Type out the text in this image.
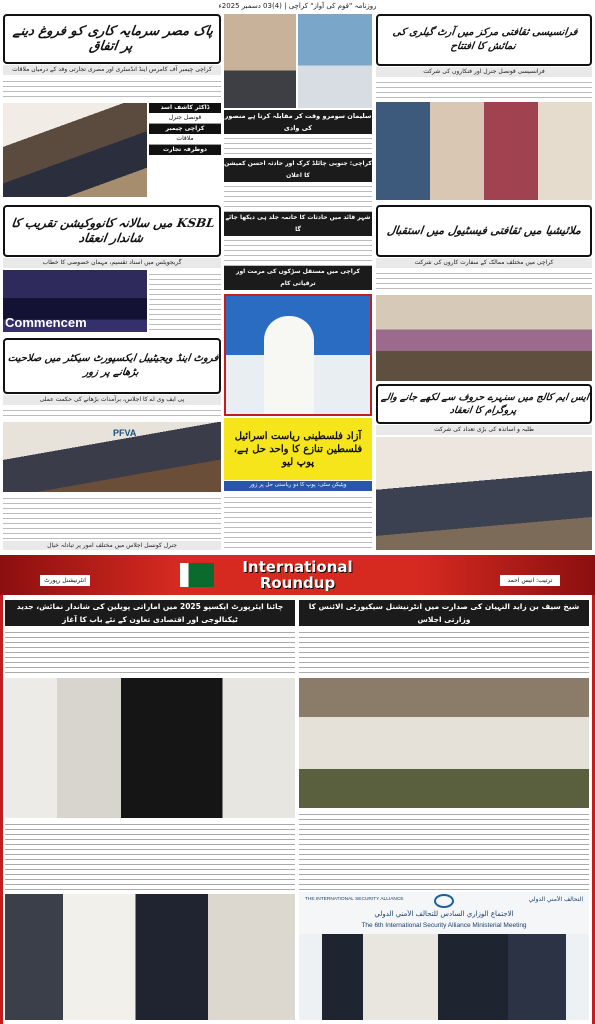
روزنامہ "قوم کی آواز" کراچی | (4)03 دسمبر 2025ء
پاک مصر سرمایہ کاری کو فروغ دینے پر اتفاق
کراچی چیمبر آف کامرس اینڈ انڈسٹری اور مصری تجارتی وفد کے درمیان ملاقات
ڈاکٹر کاشف اسد
قونصل جنرل
کراچی چیمبر
ملاقات
دوطرفہ تجارت
KSBL میں سالانہ کانووکیشن تقریب کا شاندار انعقاد
گریجویٹس میں اسناد تقسیم، مہمان خصوصی کا خطاب
Commencem
فروٹ اینڈ ویجیٹیبل ایکسپورٹ سیکٹر میں صلاحیت بڑھانے پر زور
پی ایف وی اے کا اجلاس، برآمدات بڑھانے کی حکمت عملی
PFVA
جنرل کونسل اجلاس میں مختلف امور پر تبادلہ خیال
سلیمان سومرو وقت کر مقابلہ کرتا ہے منصور کی وادی
کراچی: جنوبی چائلڈ کرک اور حادثہ احسن کمیشن کا اعلان
شہر قائد میں حادثات کا خاتمہ جلد ہی دیکھا جائے گا
کراچی میں مستقل سڑکوں کی مرمت اور ترقیاتی کام
آزاد فلسطینی ریاست اسرائیل فلسطین تنازع کا واحد حل ہے، پوپ لیو
ویٹیکن سٹی: پوپ کا دو ریاستی حل پر زور
فرانسیسی ثقافتی مرکز میں آرٹ گیلری کی نمائش کا افتتاح
فرانسیسی قونصل جنرل اور فنکاروں کی شرکت
ملائیشیا میں ثقافتی فیسٹیول میں استقبال
کراچی میں مختلف ممالک کے سفارت کاروں کی شرکت
ایس ایم کالج میں سنہرے حروف سے لکھے جانے والے پروگرام کا انعقاد
طلبہ و اساتذہ کی بڑی تعداد کی شرکت
International
Roundup
انٹرنیشنل رپورٹ	ترتیب: انیس احمد
چائنا ایئرپورٹ ایکسپو 2025 میں اماراتی پویلین کی شاندار نمائش، جدید ٹیکنالوجی اور اقتصادی تعاون کے نئے باب کا آغاز
شیخ سیف بن زاید النہیان کی صدارت میں انٹرنیشنل سیکیورٹی الائنس کا وزارتی اجلاس
THE INTERNATIONAL SECURITY ALLIANCE	التحالف الأمني الدولي
الاجتماع الوزاري السادس للتحالف الأمني الدولي
The 6th International Security Alliance Ministerial Meeting
